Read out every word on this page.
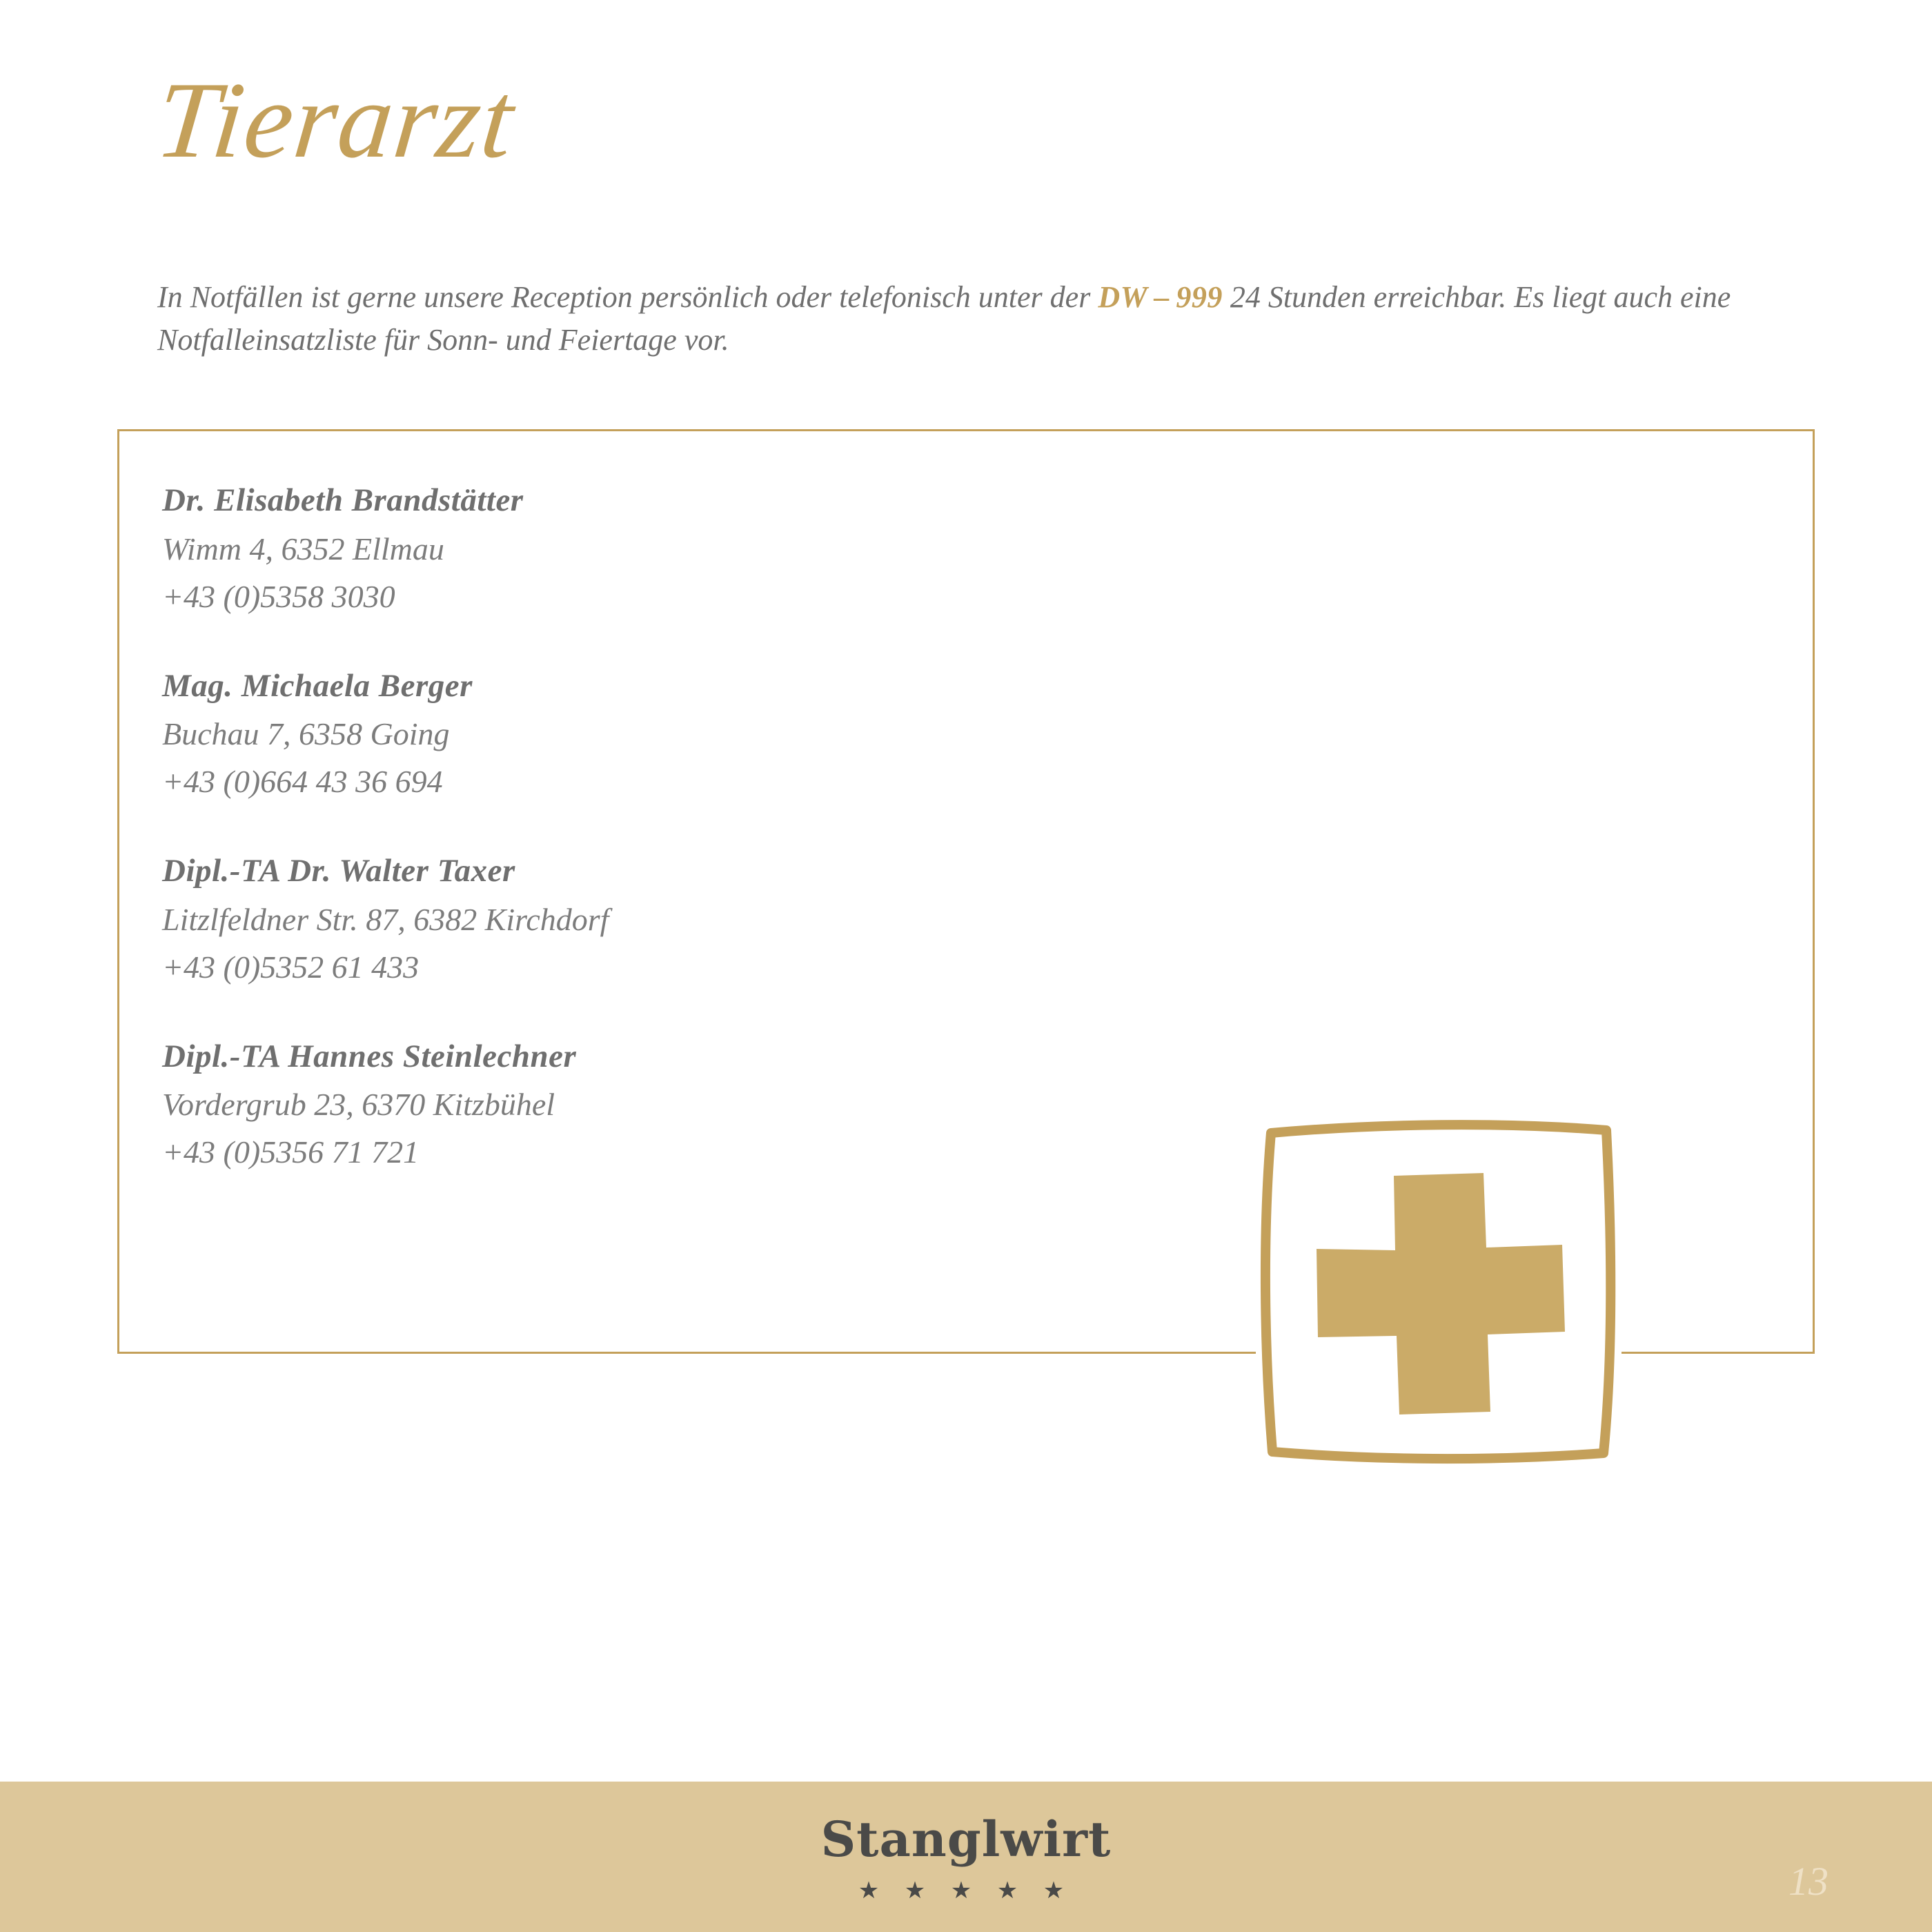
Tierarzt
In Notfällen ist gerne unsere Reception persönlich oder telefonisch unter der DW – 999 24 Stunden erreichbar. Es liegt auch eine Notfalleinsatzliste für Sonn- und Feiertage vor.
Dr. Elisabeth Brandstätter
Wimm 4, 6352 Ellmau
+43 (0)5358 3030
Mag. Michaela Berger
Buchau 7, 6358 Going
+43 (0)664 43 36 694
Dipl.-TA Dr. Walter Taxer
Litzlfeldner Str. 87, 6382 Kirchdorf
+43 (0)5352 61 433
Dipl.-TA Hannes Steinlechner
Vordergrub 23, 6370 Kitzbühel
+43 (0)5356 71 721
Stanglwirt
★ ★ ★ ★ ★	13
